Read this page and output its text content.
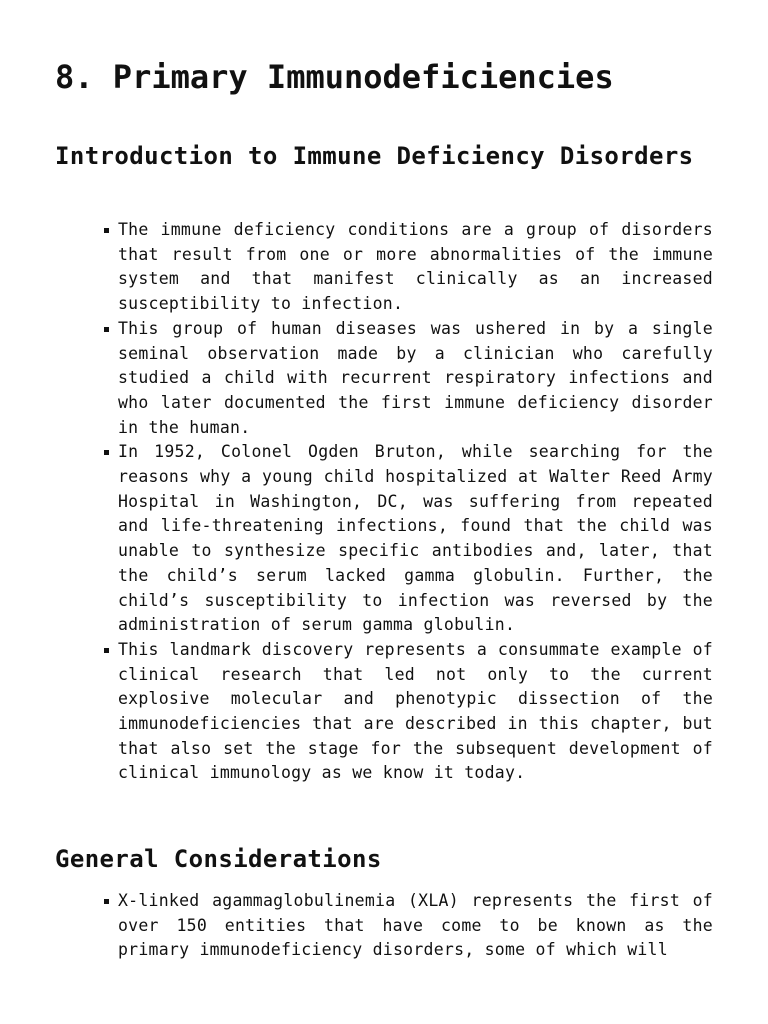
8. Primary Immunodeficiencies
Introduction to Immune Deficiency Disorders
The immune deficiency conditions are a group of disorders that result from one or more abnormalities of the immune system and that manifest clinically as an increased susceptibility to infection.
This group of human diseases was ushered in by a single seminal observation made by a clinician who carefully studied a child with recurrent respiratory infections and who later documented the first immune deficiency disorder in the human.
In 1952, Colonel Ogden Bruton, while searching for the reasons why a young child hospitalized at Walter Reed Army Hospital in Washington, DC, was suffering from repeated and life-threatening infections, found that the child was unable to synthesize specific antibodies and, later, that the child’s serum lacked gamma globulin. Further, the child’s susceptibility to infection was reversed by the administration of serum gamma globulin.
This landmark discovery represents a consummate example of clinical research that led not only to the current explosive molecular and phenotypic dissection of the immunodeficiencies that are described in this chapter, but that also set the stage for the subsequent development of clinical immunology as we know it today.
General Considerations
X-linked agammaglobulinemia (XLA) represents the first of over 150 entities that have come to be known as the primary immunodeficiency disorders, some of which will
